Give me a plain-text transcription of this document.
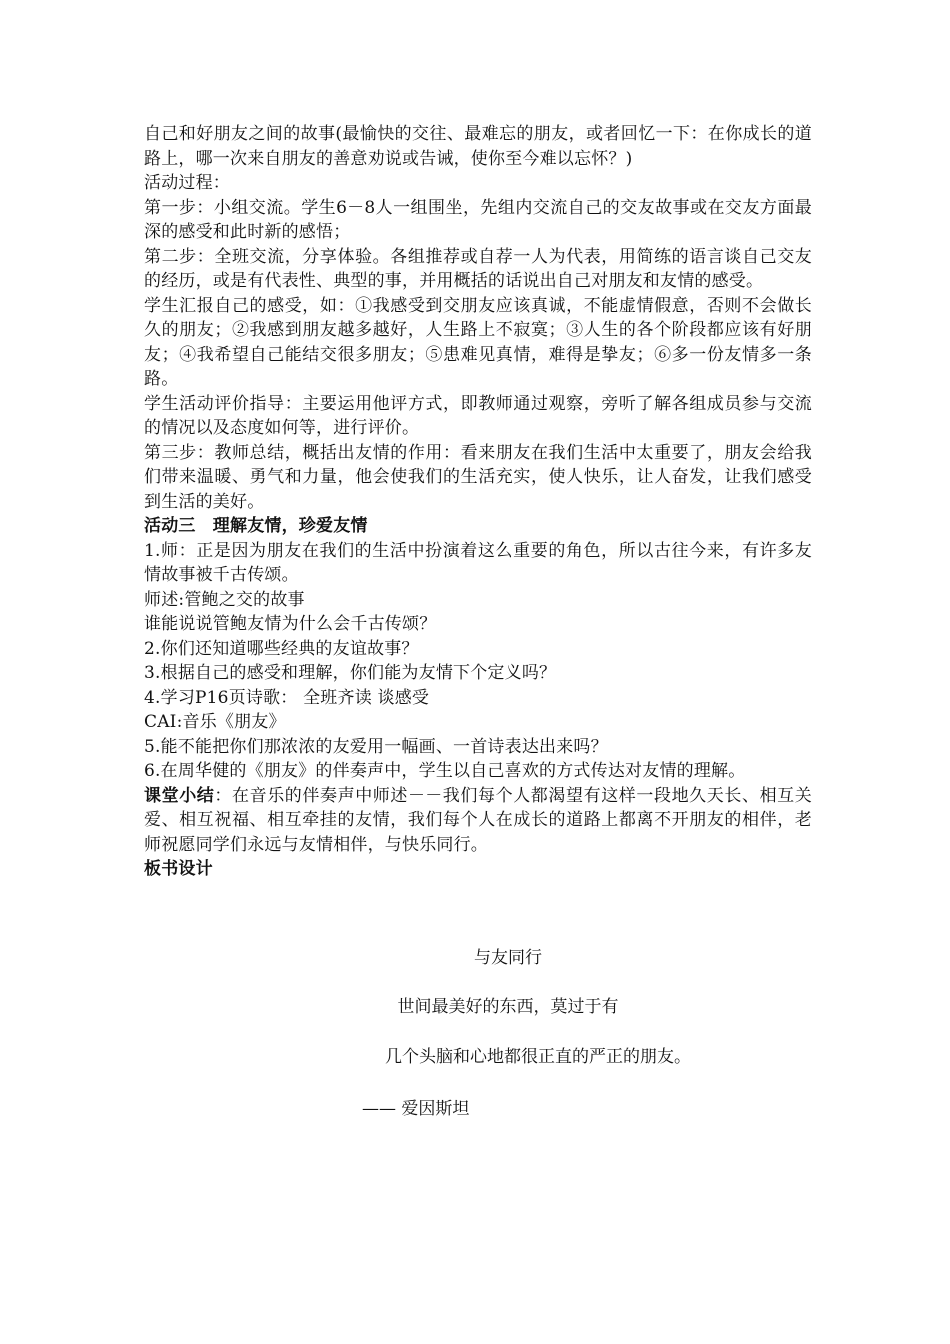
自己和好朋友之间的故事(最愉快的交往、最难忘的朋友，或者回忆一下：在你成长的道路上，哪一次来自朋友的善意劝说或告诫，使你至今难以忘怀？)

活动过程：

第一步：小组交流。学生6－8人一组围坐，先组内交流自己的交友故事或在交友方面最深的感受和此时新的感悟；

第二步：全班交流，分享体验。各组推荐或自荐一人为代表，用简练的语言谈自己交友的经历，或是有代表性、典型的事，并用概括的话说出自己对朋友和友情的感受。

学生汇报自己的感受，如：①我感受到交朋友应该真诚，不能虚情假意，否则不会做长久的朋友；②我感到朋友越多越好，人生路上不寂寞；③人生的各个阶段都应该有好朋友；④我希望自己能结交很多朋友；⑤患难见真情，难得是挚友；⑥多一份友情多一条路。

学生活动评价指导：主要运用他评方式，即教师通过观察，旁听了解各组成员参与交流的情况以及态度如何等，进行评价。

第三步：教师总结，概括出友情的作用：看来朋友在我们生活中太重要了，朋友会给我们带来温暖、勇气和力量，他会使我们的生活充实，使人快乐，让人奋发，让我们感受到生活的美好。

活动三　理解友情，珍爱友情

1.师：正是因为朋友在我们的生活中扮演着这么重要的角色，所以古往今来，有许多友情故事被千古传颂。

师述:管鲍之交的故事

谁能说说管鲍友情为什么会千古传颂？

2.你们还知道哪些经典的友谊故事？

3.根据自己的感受和理解，你们能为友情下个定义吗？

4.学习P16页诗歌： 全班齐读 谈感受

CAI:音乐《朋友》

5.能不能把你们那浓浓的友爱用一幅画、一首诗表达出来吗？

6.在周华健的《朋友》的伴奏声中，学生以自己喜欢的方式传达对友情的理解。

课堂小结：在音乐的伴奏声中师述－－我们每个人都渴望有这样一段地久天长、相互关爱、相互祝福、相互牵挂的友情，我们每个人在成长的道路上都离不开朋友的相伴，老师祝愿同学们永远与友情相伴，与快乐同行。

板书设计

与友同行
世间最美好的东西，莫过于有
几个头脑和心地都很正直的严正的朋友。
—— 爱因斯坦
